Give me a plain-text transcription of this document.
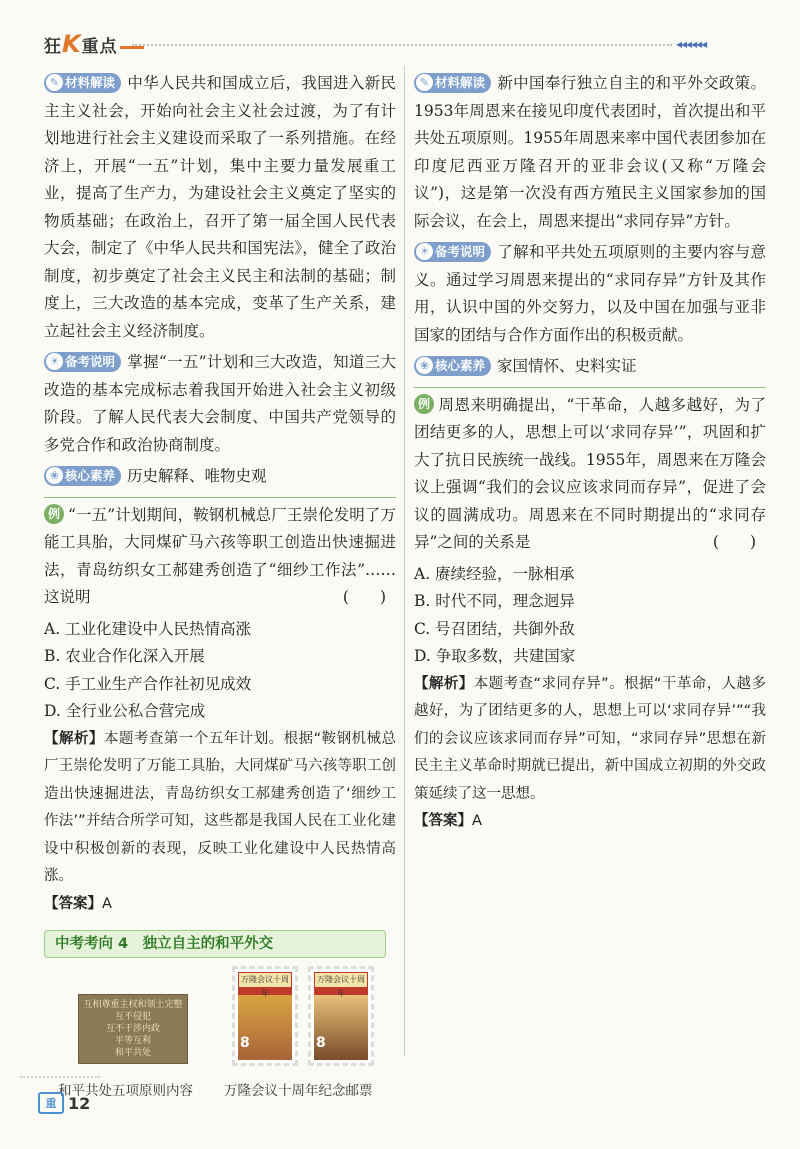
狂K重点	◂◂◂◂◂◂

✎ 材料解读 中华人民共和国成立后，我国进入新民主主义社会，开始向社会主义社会过渡，为了有计划地进行社会主义建设而采取了一系列措施。在经济上，开展“一五”计划，集中主要力量发展重工业，提高了生产力，为建设社会主义奠定了坚实的物质基础；在政治上，召开了第一届全国人民代表大会，制定了《中华人民共和国宪法》，健全了政治制度，初步奠定了社会主义民主和法制的基础；制度上，三大改造的基本完成，变革了生产关系，建立起社会主义经济制度。

☀ 备考说明 掌握“一五”计划和三大改造，知道三大改造的基本完成标志着我国开始进入社会主义初级阶段。了解人民代表大会制度、中国共产党领导的多党合作和政治协商制度。

❀ 核心素养 历史解释、唯物史观

例 “一五”计划期间，鞍钢机械总厂王崇伦发明了万能工具胎，大同煤矿马六孩等职工创造出快速掘进法，青岛纺织女工郝建秀创造了“细纱工作法”……这说明	(　　)

A. 工业化建设中人民热情高涨

B. 农业合作化深入开展

C. 手工业生产合作社初见成效

D. 全行业公私合营完成

【解析】本题考查第一个五年计划。根据“鞍钢机械总厂王崇伦发明了万能工具胎，大同煤矿马六孩等职工创造出快速掘进法，青岛纺织女工郝建秀创造了‘细纱工作法’”并结合所学可知，这些都是我国人民在工业化建设中积极创新的表现，反映工业化建设中人民热情高涨。

【答案】A

中考考向 4　独立自主的和平外交
互相尊重主权和领土完整
互不侵犯
互不干涉内政
平等互利
和平共处
万隆会议十周年
8
万隆会议十周年
8
和平共处五项原则内容 万隆会议十周年纪念邮票

✎ 材料解读 新中国奉行独立自主的和平外交政策。1953年周恩来在接见印度代表团时，首次提出和平共处五项原则。1955年周恩来率中国代表团参加在印度尼西亚万隆召开的亚非会议(又称“万隆会议”)，这是第一次没有西方殖民主义国家参加的国际会议，在会上，周恩来提出“求同存异”方针。

☀ 备考说明 了解和平共处五项原则的主要内容与意义。通过学习周恩来提出的“求同存异”方针及其作用，认识中国的外交努力，以及中国在加强与亚非国家的团结与合作方面作出的积极贡献。

❀ 核心素养 家国情怀、史料实证

例 周恩来明确提出，“干革命，人越多越好，为了团结更多的人，思想上可以‘求同存异’”，巩固和扩大了抗日民族统一战线。1955年，周恩来在万隆会议上强调“我们的会议应该求同而存异”，促进了会议的圆满成功。周恩来在不同时期提出的“求同存异”之间的关系是	(　　)

A. 赓续经验，一脉相承

B. 时代不同，理念迥异

C. 号召团结，共御外敌

D. 争取多数，共建国家

【解析】本题考查“求同存异”。根据“干革命，人越多越好，为了团结更多的人，思想上可以‘求同存异’”“我们的会议应该求同而存异”可知，“求同存异”思想在新民主主义革命时期就已提出，新中国成立初期的外交政策延续了这一思想。

【答案】A

重 12
